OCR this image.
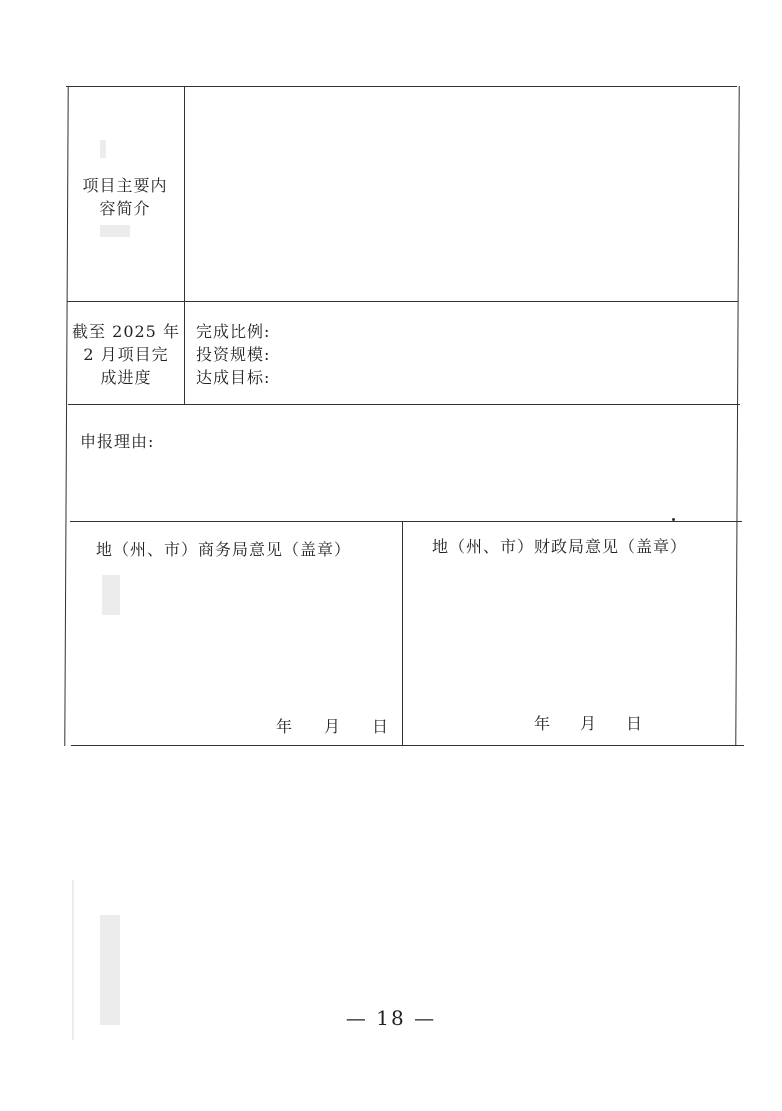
项目主要内
容简介
截至 2025 年
2 月项目完
成进度
完成比例:
投资规模:
达成目标:
申报理由:
地（州、市）商务局意见（盖章）	地（州、市）财政局意见（盖章）
年	月	日	年	月	日
— 18 —
